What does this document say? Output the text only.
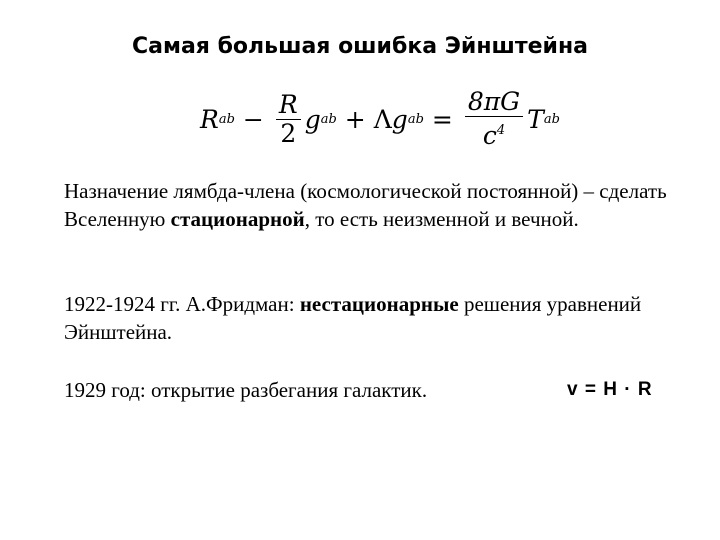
Самая большая ошибка Эйнштейна
R ab − $\frac{R}{2}$ g ab + Λ g ab = $\frac{8\pi G}{c^4}$ T ab
Назначение лямбда-члена (космологической постоянной) – сделать Вселенную стационарной, то есть неизменной и вечной.
1922-1924 гг. А.Фридман: нестационарные решения уравнений Эйнштейна.
1929 год: открытие разбегания галактик.	v = H · R
